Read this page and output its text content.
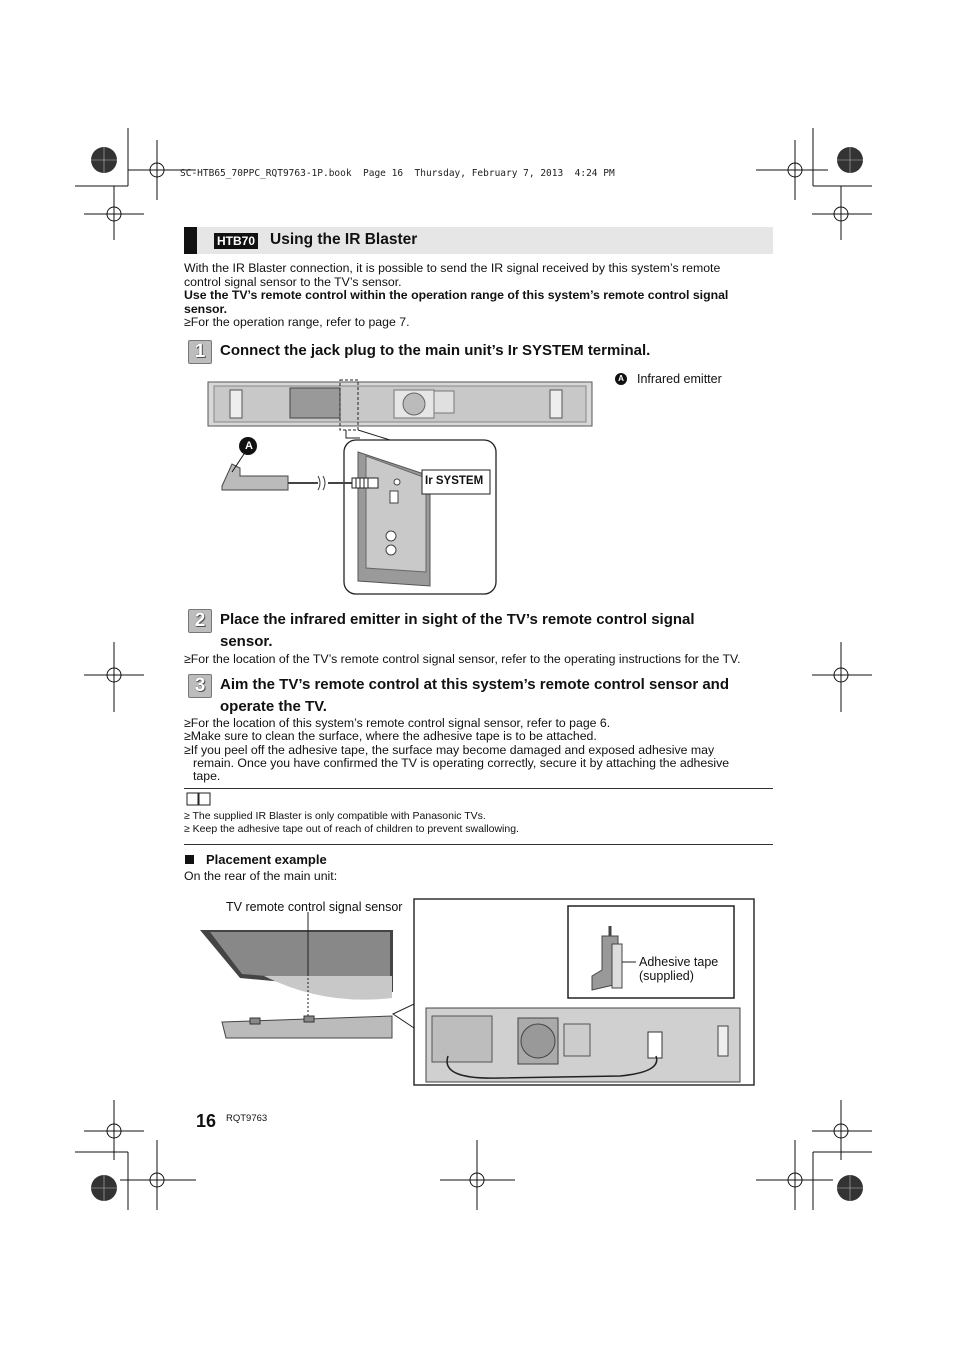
SC-HTB65_70PPC_RQT9763-1P.book  Page 16  Thursday, February 7, 2013  4:24 PM
HTB70 Using the IR Blaster
With the IR Blaster connection, it is possible to send the IR signal received by this system’s remote
control signal sensor to the TV’s sensor.
Use the TV’s remote control within the operation range of this system’s remote control signal
sensor.
≥For the operation range, refer to page 7.
1 Connect the jack plug to the main unit’s Ir SYSTEM terminal.
A
Ir SYSTEM
A Infrared emitter
2 Place the infrared emitter in sight of the TV’s remote control signal
sensor.
≥For the location of the TV’s remote control signal sensor, refer to the operating instructions for the TV.
3 Aim the TV’s remote control at this system’s remote control sensor and
operate the TV.
≥For the location of this system’s remote control signal sensor, refer to page 6.
≥Make sure to clean the surface, where the adhesive tape is to be attached.
≥If you peel off the adhesive tape, the surface may become damaged and exposed adhesive may
remain. Once you have confirmed the TV is operating correctly, secure it by attaching the adhesive
tape.
≥ The supplied IR Blaster is only compatible with Panasonic TVs.
≥ Keep the adhesive tape out of reach of children to prevent swallowing.
Placement example
On the rear of the main unit:
TV remote control signal sensor
Adhesive tape
(supplied)
16 RQT9763
